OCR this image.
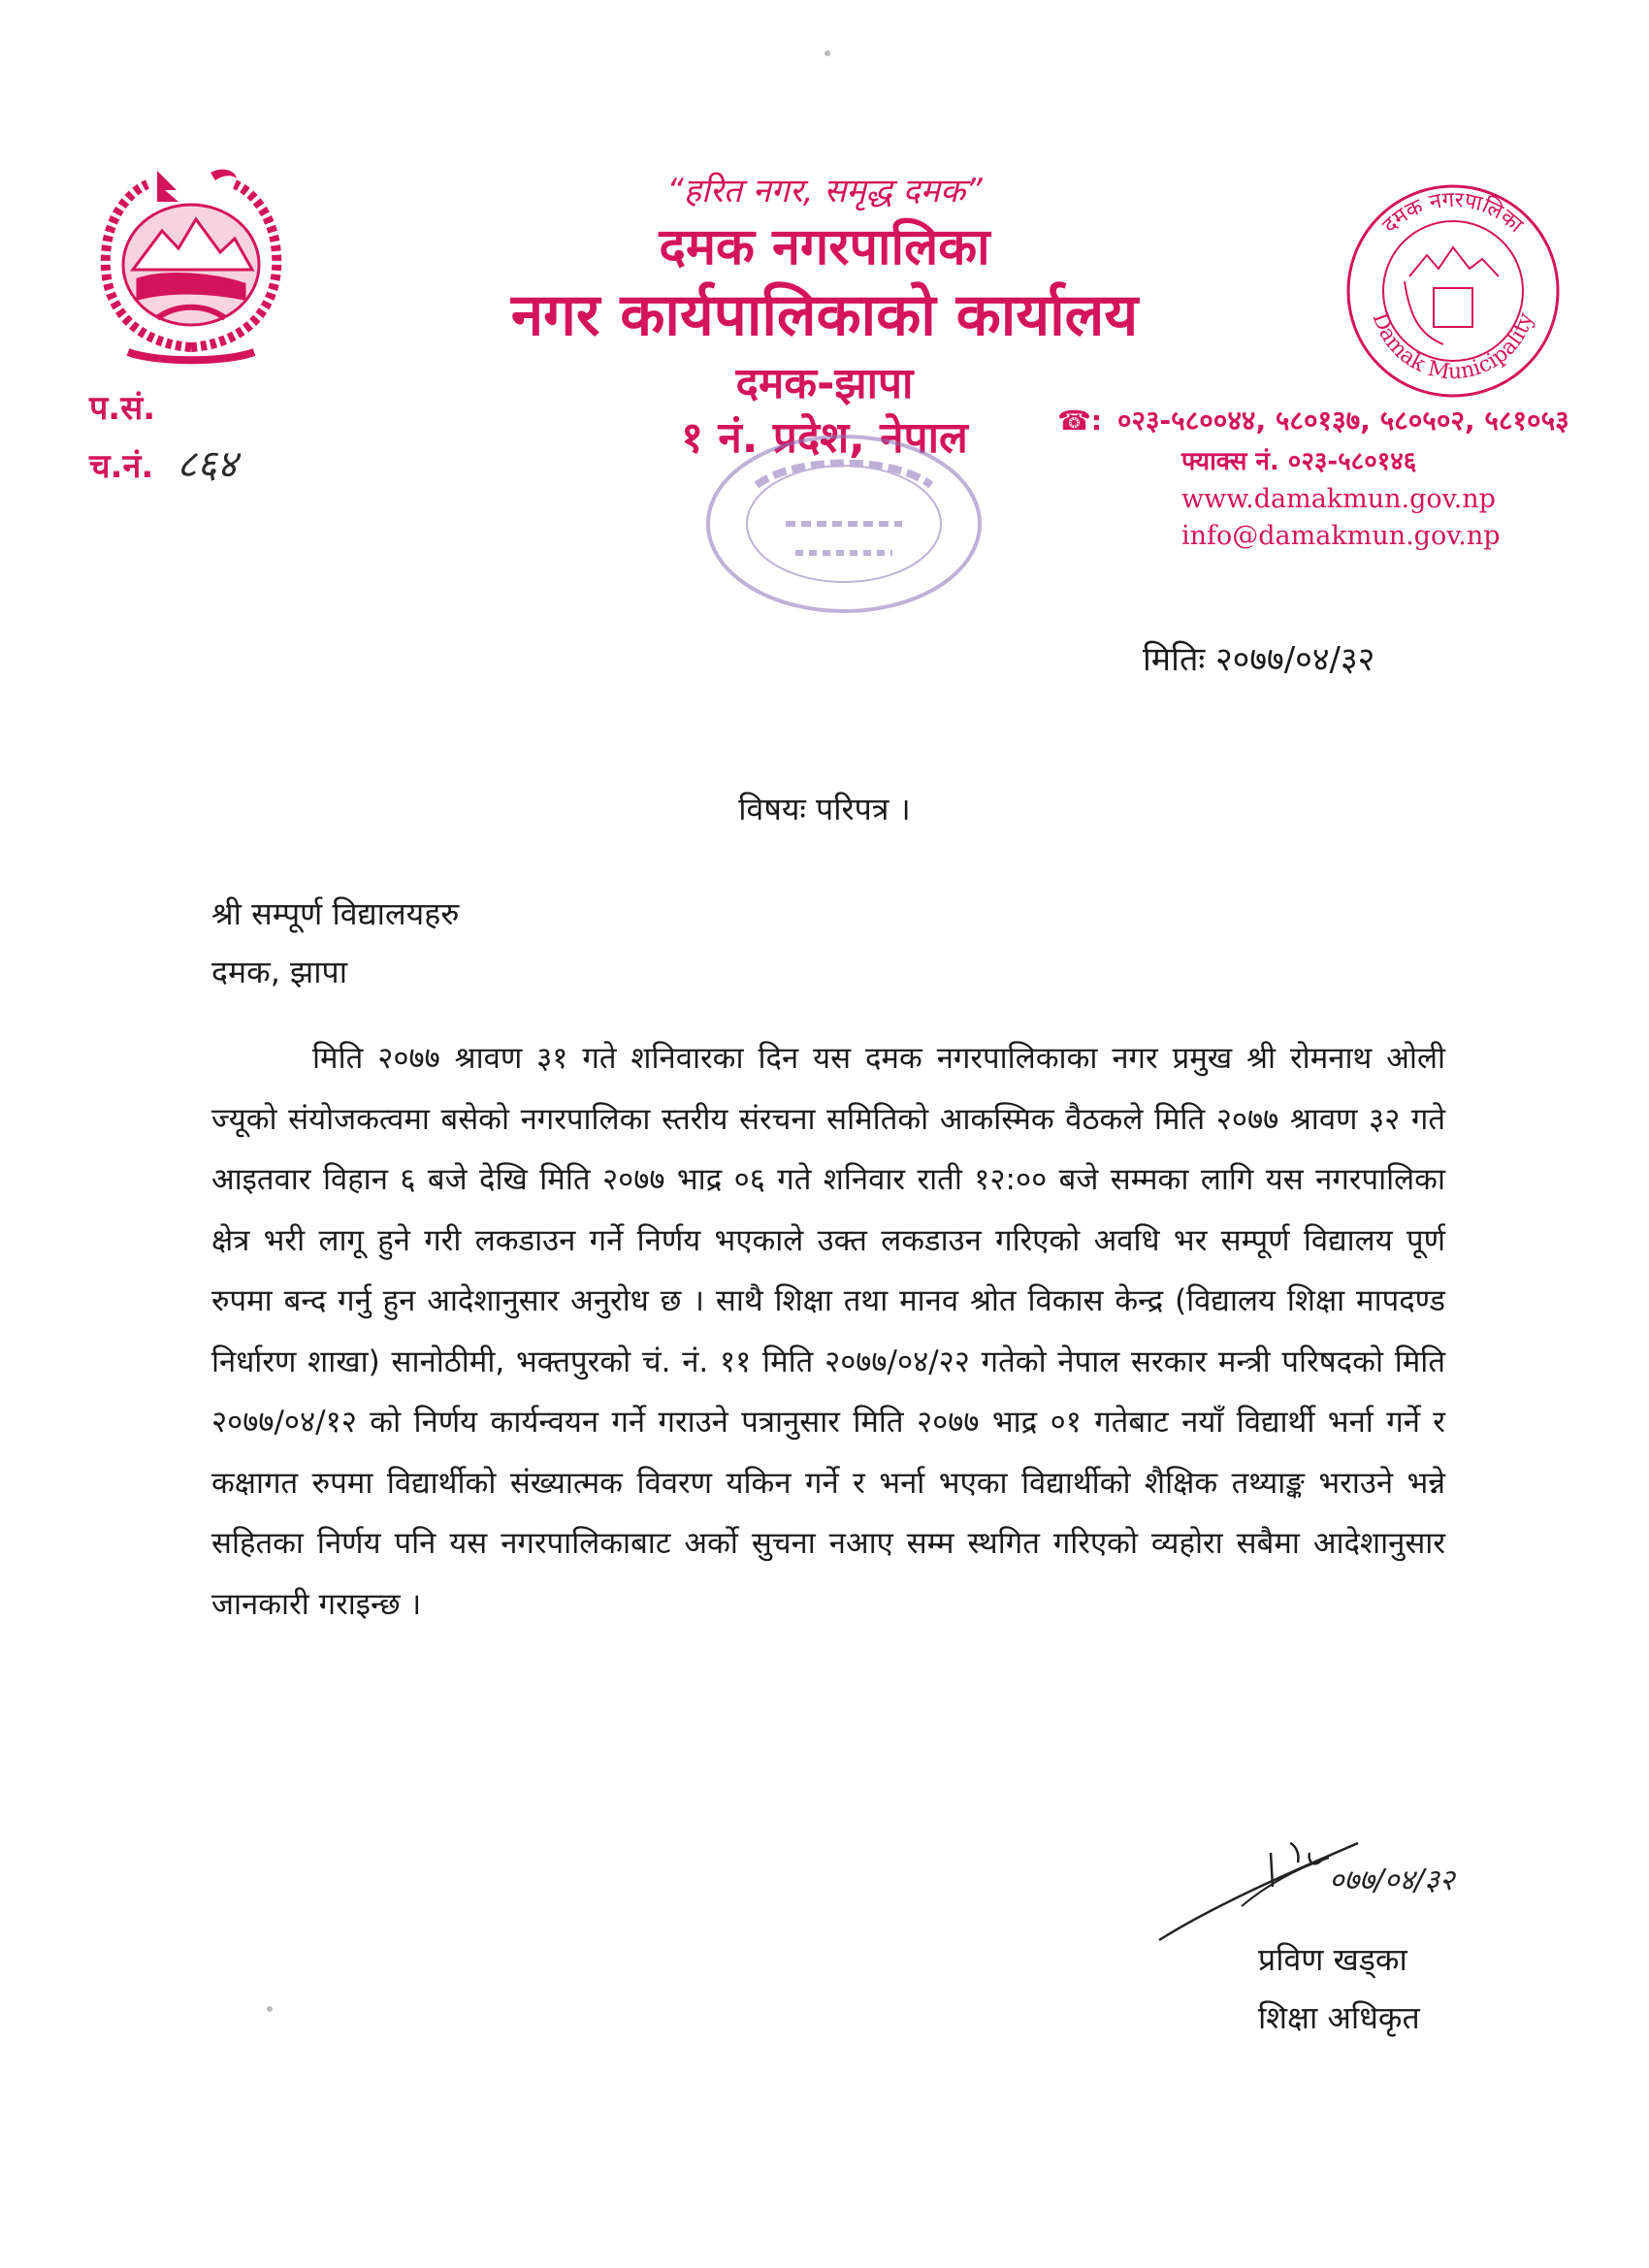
“हरित नगर, समृद्ध दमक”
दमक नगरपालिका
नगर कार्यपालिकाको कार्यालय
दमक-झापा
१ नं. प्रदेश, नेपाल
दमक नगरपालिका
Damak Municipality
प.सं.
च.नं. ८६४
☎: ०२३-५८००४४, ५८०१३७, ५८०५०२, ५८१०५३
फ्याक्स नं. ०२३-५८०१४६
www.damakmun.gov.np
info@damakmun.gov.np
मितिः २०७७/०४/३२
विषयः परिपत्र ।
श्री सम्पूर्ण विद्यालयहरु
दमक, झापा
मिति २०७७ श्रावण ३१ गते शनिवारका दिन यस दमक नगरपालिकाका नगर प्रमुख श्री रोमनाथ ओली ज्यूको संयोजकत्वमा बसेको नगरपालिका स्तरीय संरचना समितिको आकस्मिक वैठकले मिति २०७७ श्रावण ३२ गते आइतवार विहान ६ बजे देखि मिति २०७७ भाद्र ०६ गते शनिवार राती १२:०० बजे सम्मका लागि यस नगरपालिका क्षेत्र भरी लागू हुने गरी लकडाउन गर्ने निर्णय भएकाले उक्त लकडाउन गरिएको अवधि भर सम्पूर्ण विद्यालय पूर्ण रुपमा बन्द गर्नु हुन आदेशानुसार अनुरोध छ । साथै शिक्षा तथा मानव श्रोत विकास केन्द्र (विद्यालय शिक्षा मापदण्ड निर्धारण शाखा) सानोठीमी, भक्तपुरको चं. नं. ११ मिति २०७७/०४/२२ गतेको नेपाल सरकार मन्त्री परिषदको मिति २०७७/०४/१२ को निर्णय कार्यन्वयन गर्ने गराउने पत्रानुसार मिति २०७७ भाद्र ०१ गतेबाट नयाँ विद्यार्थी भर्ना गर्ने र कक्षागत रुपमा विद्यार्थीको संख्यात्मक विवरण यकिन गर्ने र भर्ना भएका विद्यार्थीको शैक्षिक तथ्याङ्क भराउने भन्ने सहितका निर्णय पनि यस नगरपालिकाबाट अर्को सुचना नआए सम्म स्थगित गरिएको व्यहोरा सबैमा आदेशानुसार जानकारी गराइन्छ ।
०७७/०४/३२
प्रविण खड्का
शिक्षा अधिकृत
